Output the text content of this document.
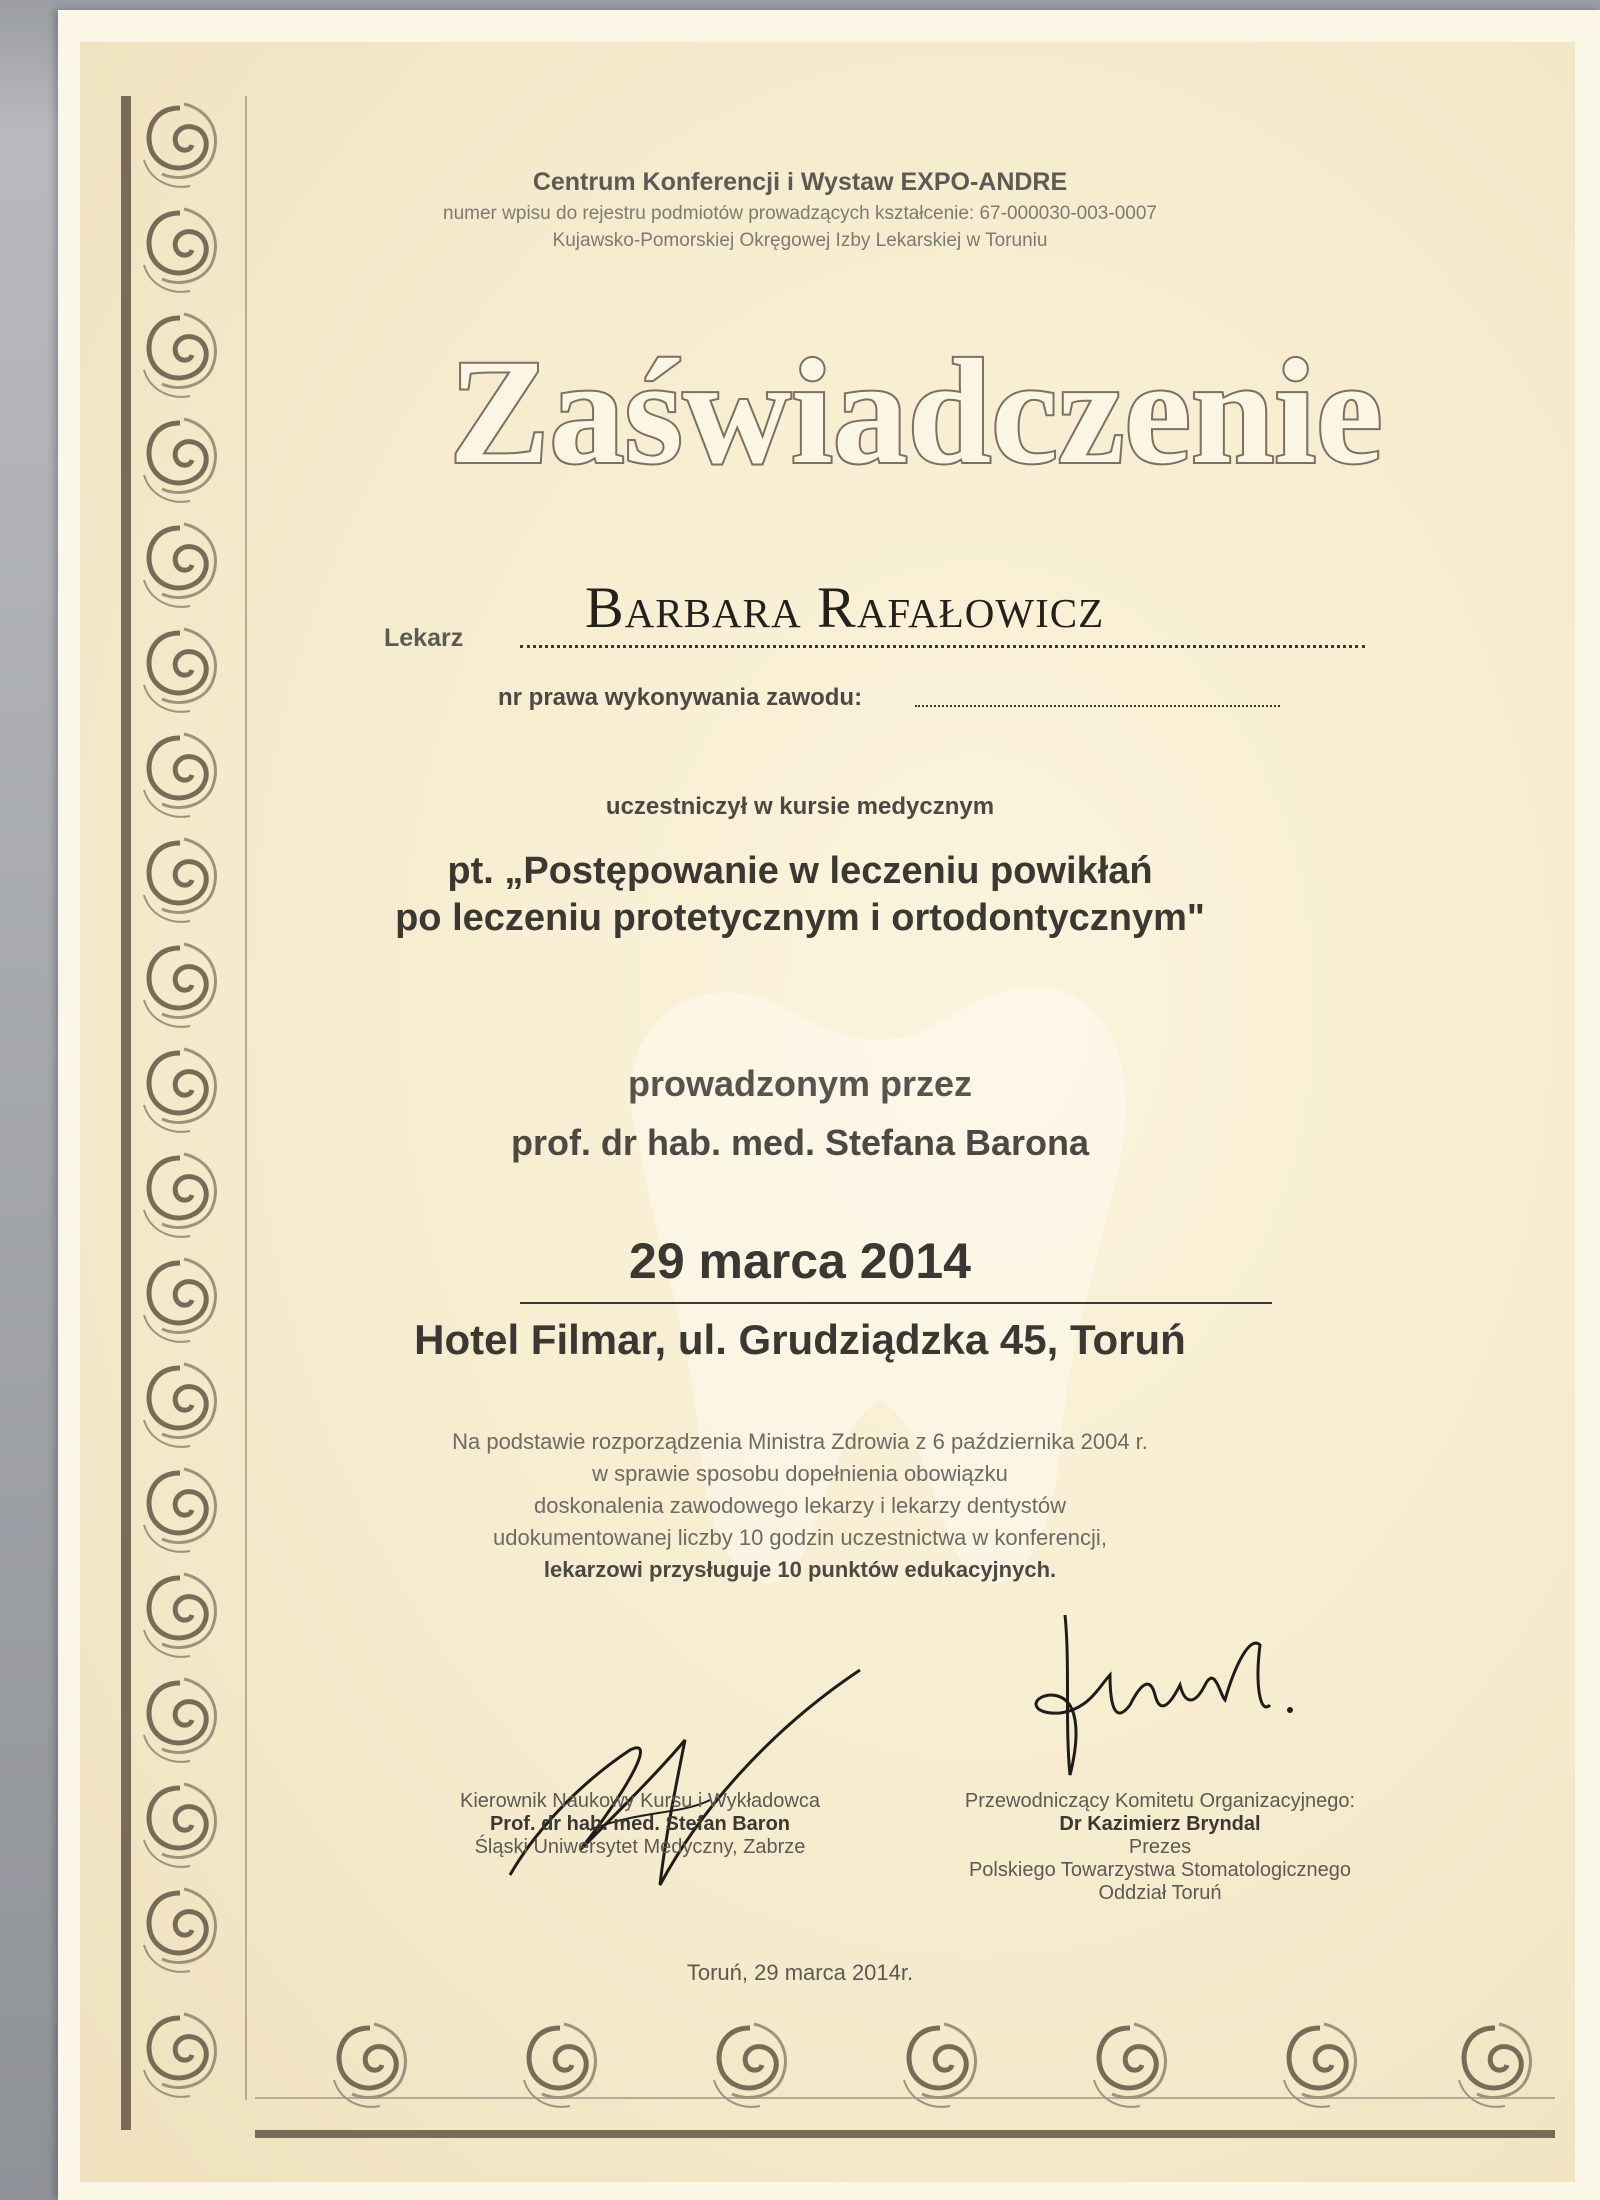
Centrum Konferencji i Wystaw EXPO-ANDRE
numer wpisu do rejestru podmiotów prowadzących kształcenie: 67-000030-003-0007
Kujawsko-Pomorskiej Okręgowej Izby Lekarskiej w Toruniu
Zaświadczenie
Lekarz Barbara Rafałowicz
nr prawa wykonywania zawodu:
uczestniczył w kursie medycznym
pt. „Postępowanie w leczeniu powikłań
po leczeniu protetycznym i ortodontycznym"
prowadzonym przez
prof. dr hab. med. Stefana Barona
29 marca 2014
Hotel Filmar, ul. Grudziądzka 45, Toruń
Na podstawie rozporządzenia Ministra Zdrowia z 6 października 2004 r.
w sprawie sposobu dopełnienia obowiązku
doskonalenia zawodowego lekarzy i lekarzy dentystów
udokumentowanej liczby 10 godzin uczestnictwa w konferencji,
lekarzowi przysługuje 10 punktów edukacyjnych.
Kierownik Naukowy Kursu i Wykładowca
Prof. dr hab. med. Stefan Baron
Śląski Uniwersytet Medyczny, Zabrze
Przewodniczący Komitetu Organizacyjnego:
Dr Kazimierz Bryndal
Prezes
Polskiego Towarzystwa Stomatologicznego
Oddział Toruń
Toruń, 29 marca 2014r.
